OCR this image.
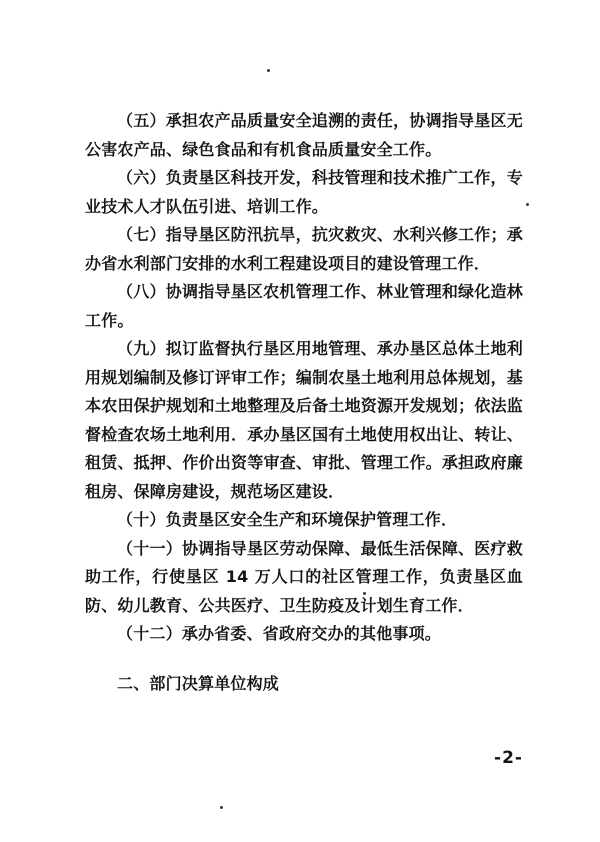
（五）承担农产品质量安全追溯的责任，协调指导垦区无公害农产品、绿色食品和有机食品质量安全工作。

（六）负责垦区科技开发，科技管理和技术推广工作，专业技术人才队伍引进、培训工作。

（七）指导垦区防汛抗旱，抗灾救灾、水利兴修工作；承办省水利部门安排的水利工程建设项目的建设管理工作．

（八）协调指导垦区农机管理工作、林业管理和绿化造林工作。

（九）拟订监督执行垦区用地管理、承办垦区总体土地利用规划编制及修订评审工作；编制农垦土地利用总体规划，基本农田保护规划和土地整理及后备土地资源开发规划；依法监督检查农场土地利用．承办垦区国有土地使用权出让、转让、租赁、抵押、作价出资等审查、审批、管理工作。承担政府廉租房、保障房建设，规范场区建设．

（十）负责垦区安全生产和环境保护管理工作．

（十一）协调指导垦区劳动保障、最低生活保障、医疗救助工作，行使垦区 14 万人口的社区管理工作，负责垦区血防、幼儿教育、公共医疗、卫生防疫及计划生育工作．

（十二）承办省委、省政府交办的其他事项。

二、部门决算单位构成

-2-
